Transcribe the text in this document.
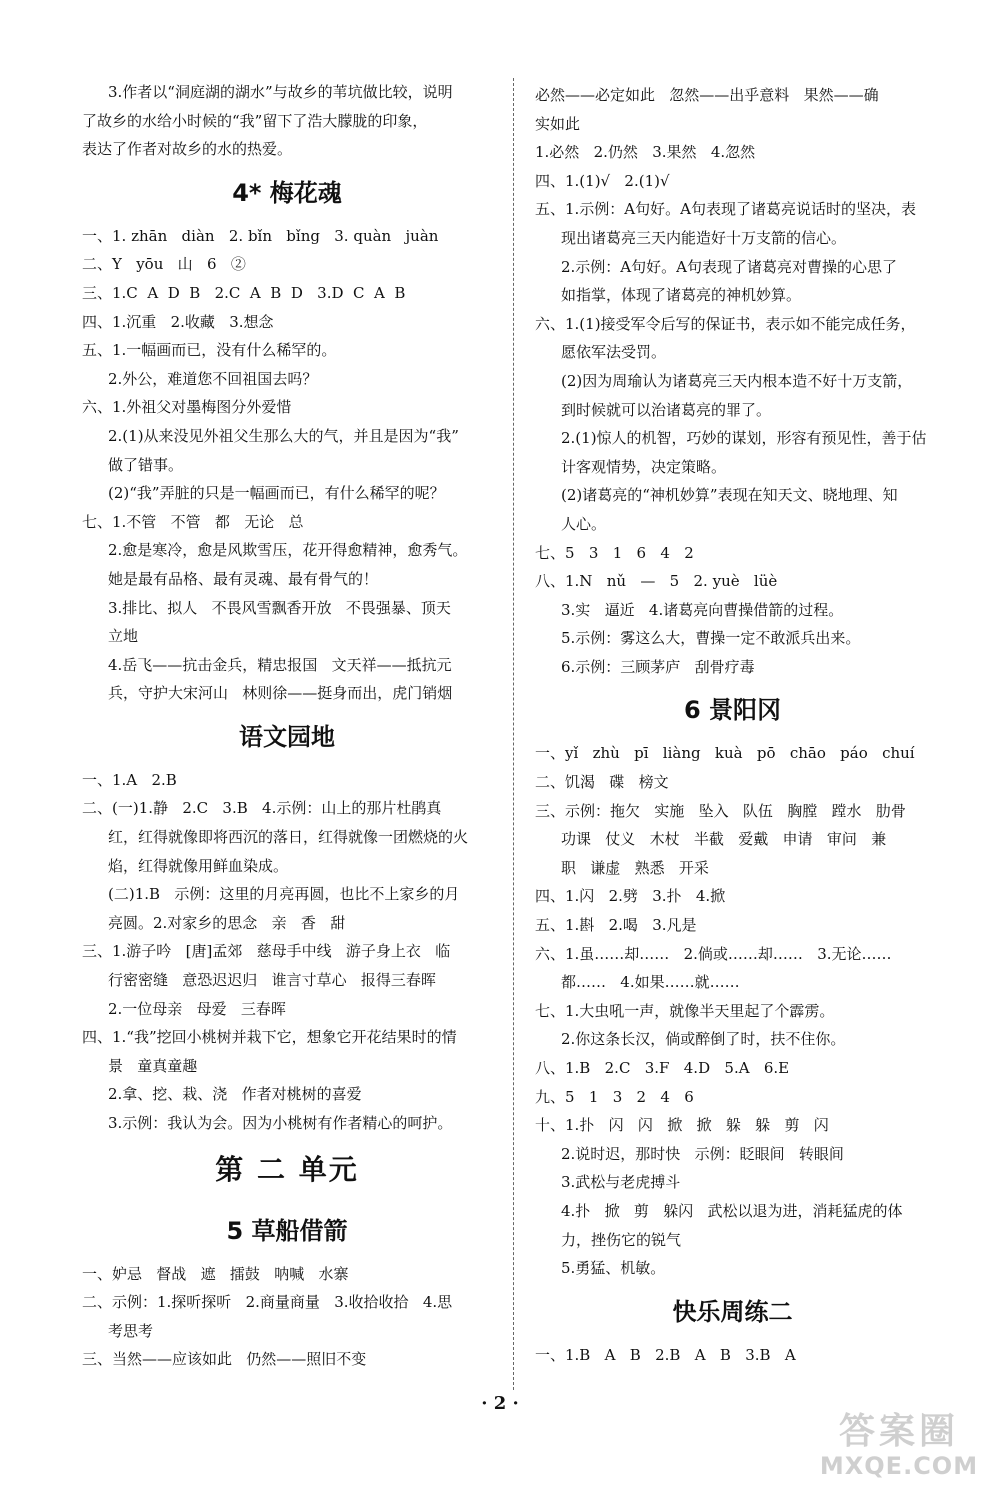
3.作者以“洞庭湖的湖水”与故乡的苇坑做比较，说明
了故乡的水给小时候的“我”留下了浩大朦胧的印象，
表达了作者对故乡的水的热爱。
4* 梅花魂
一、1. zhān   diàn   2. bǐn   bǐng   3. quàn   juàn
二、Y   yōu   山   6   ②
三、1.C  A  D  B   2.C  A  B  D   3.D  C  A  B
四、1.沉重   2.收藏   3.想念
五、1.一幅画而已，没有什么稀罕的。
2.外公，难道您不回祖国去吗？
六、1.外祖父对墨梅图分外爱惜
2.(1)从来没见外祖父生那么大的气，并且是因为“我”
做了错事。
(2)“我”弄脏的只是一幅画而已，有什么稀罕的呢？
七、1.不管   不管   都   无论   总
2.愈是寒冷，愈是风欺雪压，花开得愈精神，愈秀气。
她是最有品格、最有灵魂、最有骨气的！
3.排比、拟人   不畏风雪飘香开放   不畏强暴、顶天
立地
4.岳飞——抗击金兵，精忠报国   文天祥——抵抗元
兵，守护大宋河山   林则徐——挺身而出，虎门销烟
语文园地
一、1.A   2.B
二、(一)1.静   2.C   3.B   4.示例：山上的那片杜鹃真
红，红得就像即将西沉的落日，红得就像一团燃烧的火
焰，红得就像用鲜血染成。
(二)1.B   示例：这里的月亮再圆，也比不上家乡的月
亮圆。2.对家乡的思念   亲   香   甜
三、1.游子吟   [唐]孟郊   慈母手中线   游子身上衣   临
行密密缝   意恐迟迟归   谁言寸草心   报得三春晖
2.一位母亲   母爱   三春晖
四、1.“我”挖回小桃树并栽下它，想象它开花结果时的情
景   童真童趣
2.拿、挖、栽、浇   作者对桃树的喜爱
3.示例：我认为会。因为小桃树有作者精心的呵护。
第 二 单元
5 草船借箭
一、妒忌   督战   遮   擂鼓   呐喊   水寨
二、示例：1.探听探听   2.商量商量   3.收拾收拾   4.思
考思考
三、当然——应该如此   仍然——照旧不变
必然——必定如此   忽然——出乎意料   果然——确
实如此
1.必然   2.仍然   3.果然   4.忽然
四、1.(1)√   2.(1)√
五、1.示例：A句好。A句表现了诸葛亮说话时的坚决，表
现出诸葛亮三天内能造好十万支箭的信心。
2.示例：A句好。A句表现了诸葛亮对曹操的心思了
如指掌，体现了诸葛亮的神机妙算。
六、1.(1)接受军令后写的保证书，表示如不能完成任务，
愿依军法受罚。
(2)因为周瑜认为诸葛亮三天内根本造不好十万支箭，
到时候就可以治诸葛亮的罪了。
2.(1)惊人的机智，巧妙的谋划，形容有预见性，善于估
计客观情势，决定策略。
(2)诸葛亮的“神机妙算”表现在知天文、晓地理、知
人心。
七、5   3   1   6   4   2
八、1.N   nǔ   —   5   2. yuè   lüè
3.实   逼近   4.诸葛亮向曹操借箭的过程。
5.示例：雾这么大，曹操一定不敢派兵出来。
6.示例：三顾茅庐   刮骨疗毒
6 景阳冈
一、yǐ   zhù   pī   liàng   kuà   pō   chāo   páo   chuí
二、饥渴   碟   榜文
三、示例：拖欠   实施   坠入   队伍   胸膛   蹚水   肋骨
功课   仗义   木杖   半截   爱戴   申请   审问   兼
职   谦虚   熟悉   开采
四、1.闪   2.劈   3.扑   4.掀
五、1.斟   2.喝   3.凡是
六、1.虽……却……   2.倘或……却……   3.无论……
都……   4.如果……就……
七、1.大虫吼一声，就像半天里起了个霹雳。
2.你这条长汉，倘或醉倒了时，扶不住你。
八、1.B   2.C   3.F   4.D   5.A   6.E
九、5   1   3   2   4   6
十、1.扑   闪   闪   掀   掀   躲   躲   剪   闪
2.说时迟，那时快   示例：眨眼间   转眼间
3.武松与老虎搏斗
4.扑   掀   剪   躲闪   武松以退为进，消耗猛虎的体
力，挫伤它的锐气
5.勇猛、机敏。
快乐周练二
一、1.B   A   B   2.B   A   B   3.B   A
· 2 ·
答案圈
MXQE.COM
